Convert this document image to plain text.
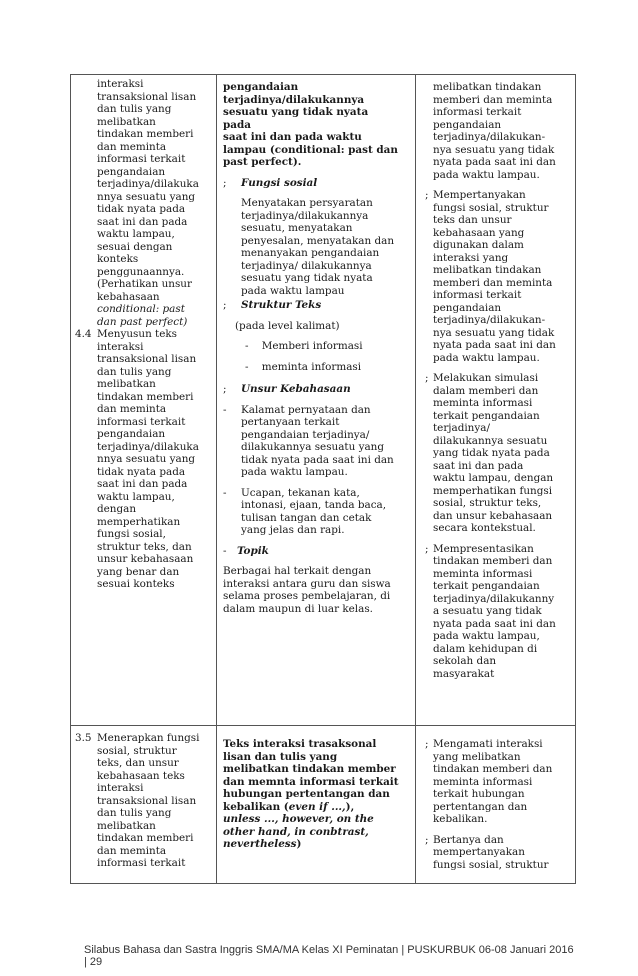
interaksi
transaksional lisan
dan tulis yang
melibatkan
tindakan memberi
dan meminta
informasi terkait
pengandaian
terjadinya/dilakuka
nnya sesuatu yang
tidak nyata pada
saat ini dan pada
waktu lampau,
sesuai dengan
konteks
penggunaannya.
(Perhatikan unsur
kebahasaan
conditional: past
dan past perfect)
4.4 Menyusun teks
interaksi
transaksional lisan
dan tulis yang
melibatkan
tindakan memberi
dan meminta
informasi terkait
pengandaian
terjadinya/dilakuka
nnya sesuatu yang
tidak nyata pada
saat ini dan pada
waktu lampau,
dengan
memperhatikan
fungsi sosial,
struktur teks, dan
unsur kebahasaan
yang benar dan
sesuai konteks
pengandaian
terjadinya/dilakukannya
sesuatu yang tidak nyata pada
saat ini dan pada waktu
lampau (conditional: past dan
past perfect).
; Fungsi sosial
Menyatakan persyaratan
terjadinya/dilakukannya
sesuatu, menyatakan
penyesalan, menyatakan dan
menanyakan pengandaian
terjadinya/ dilakukannya
sesuatu yang tidak nyata
pada waktu lampau
; Struktur Teks
(pada level kalimat)
-    Memberi informasi
-    meminta informasi
; Unsur Kebahasaan
- Kalamat pernyataan dan
pertanyaan terkait
pengandaian terjadinya/
dilakukannya sesuatu yang
tidak nyata pada saat ini dan
pada waktu lampau.
- Ucapan, tekanan kata,
intonasi, ejaan, tanda baca,
tulisan tangan dan cetak
yang jelas dan rapi.
- Topik
Berbagai hal terkait dengan
interaksi antara guru dan siswa
selama proses pembelajaran, di
dalam maupun di luar kelas.
melibatkan tindakan
memberi dan meminta
informasi terkait
pengandaian
terjadinya/dilakukan-
nya sesuatu yang tidak
nyata pada saat ini dan
pada waktu lampau.
; Mempertanyakan
fungsi sosial, struktur
teks dan unsur
kebahasaan yang
digunakan dalam
interaksi yang
melibatkan tindakan
memberi dan meminta
informasi terkait
pengandaian
terjadinya/dilakukan-
nya sesuatu yang tidak
nyata pada saat ini dan
pada waktu lampau.
; Melakukan simulasi
dalam memberi dan
meminta informasi
terkait pengandaian
terjadinya/
dilakukannya sesuatu
yang tidak nyata pada
saat ini dan pada
waktu lampau, dengan
memperhatikan fungsi
sosial, struktur teks,
dan unsur kebahasaan
secara kontekstual.
; Mempresentasikan
tindakan memberi dan
meminta informasi
terkait pengandaian
terjadinya/dilakukanny
a sesuatu yang tidak
nyata pada saat ini dan
pada waktu lampau,
dalam kehidupan di
sekolah dan
masyarakat
3.5 Menerapkan fungsi
sosial, struktur
teks, dan unsur
kebahasaan teks
interaksi
transaksional lisan
dan tulis yang
melibatkan
tindakan memberi
dan meminta
informasi terkait
Teks interaksi trasaksonal
lisan dan tulis yang
melibatkan tindakan member
dan memnta informasi terkait
hubungan pertentangan dan
kebalikan (even if ...,),
unless ..., however, on the
other hand, in conbtrast,
nevertheless)
; Mengamati interaksi
yang melibatkan
tindakan memberi dan
meminta informasi
terkait hubungan
pertentangan dan
kebalikan.
; Bertanya dan
mempertanyakan
fungsi sosial, struktur
Silabus Bahasa dan Sastra Inggris SMA/MA Kelas XI Peminatan | PUSKURBUK 06-08 Januari 2016 | 29
